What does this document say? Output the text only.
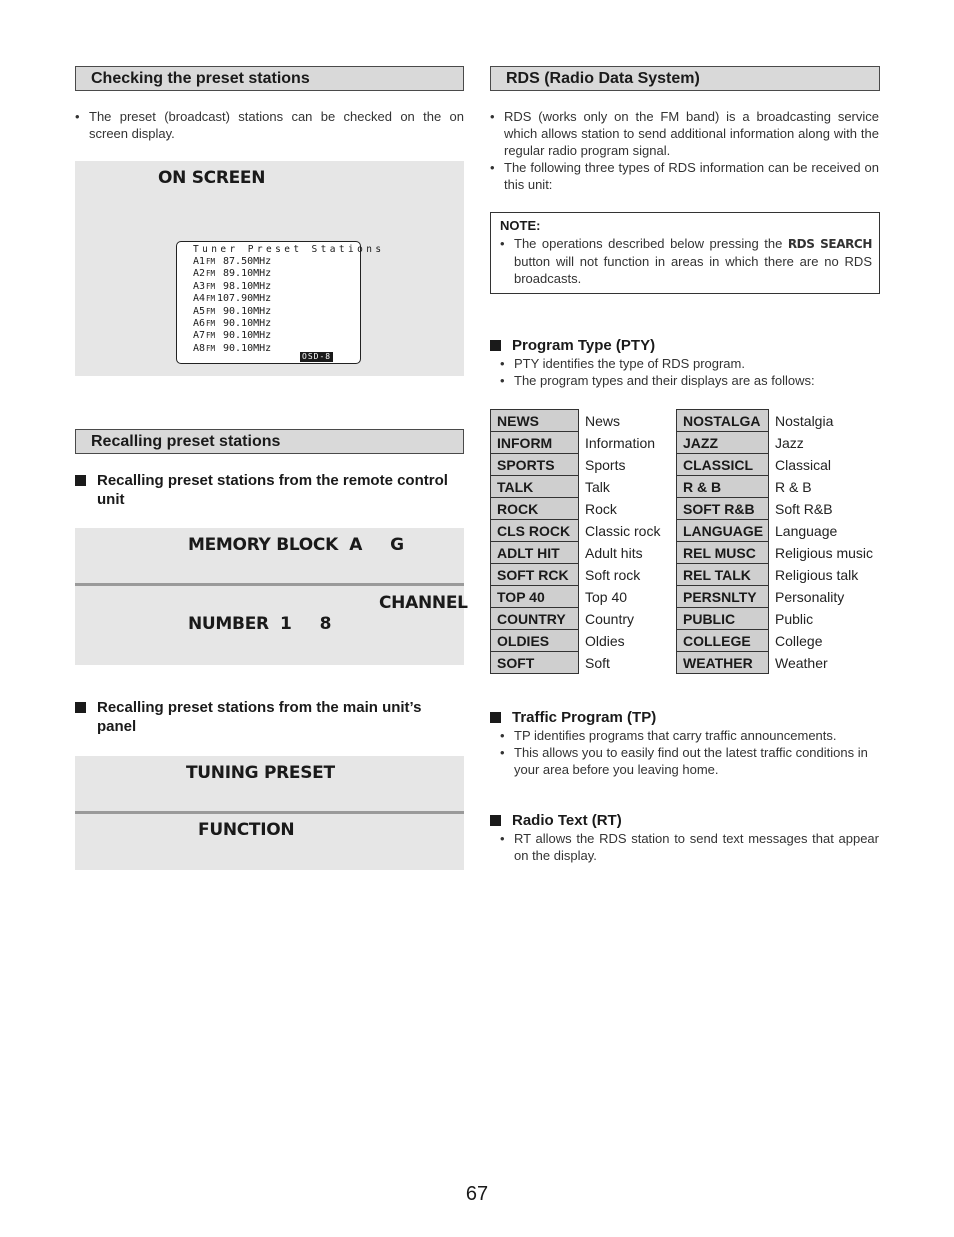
Checking the preset stations
• The preset (broadcast) stations can be checked on the on screen display.
ON SCREEN
Tuner Preset Stations
A1FM 87.50MHz
A2FM 89.10MHz
A3FM 98.10MHz
A4FM 107.90MHz
A5FM 90.10MHz
A6FM 90.10MHz
A7FM 90.10MHz
A8FM 90.10MHz
OSD-8
Recalling preset stations
Recalling preset stations from the remote control unit
MEMORY BLOCK  A     G
CHANNEL
NUMBER  1     8
Recalling preset stations from the main unit’s panel
TUNING PRESET
FUNCTION
RDS (Radio Data System)
• RDS (works only on the FM band) is a broadcasting service which allows station to send additional information along with the regular radio program signal.
• The following three types of RDS information can be received on this unit:
NOTE:
• The operations described below pressing the RDS SEARCH button will not function in areas in which there are no RDS broadcasts.
Program Type (PTY)
• PTY identifies the type of RDS program.
• The program types and their displays are as follows:
NEWS	News
INFORM	Information
SPORTS	Sports
TALK	Talk
ROCK	Rock
CLS ROCK	Classic rock
ADLT HIT	Adult hits
SOFT RCK	Soft rock
TOP 40	Top 40
COUNTRY	Country
OLDIES	Oldies
SOFT	Soft
NOSTALGA	Nostalgia
JAZZ	Jazz
CLASSICL	Classical
R & B	R & B
SOFT R&B	Soft R&B
LANGUAGE	Language
REL MUSC	Religious music
REL TALK	Religious talk
PERSNLTY	Personality
PUBLIC	Public
COLLEGE	College
WEATHER	Weather
Traffic Program (TP)
• TP identifies programs that carry traffic announcements.
• This allows you to easily find out the latest traffic conditions in your area before you leaving home.
Radio Text (RT)
• RT allows the RDS station to send text messages that appear on the display.
67
